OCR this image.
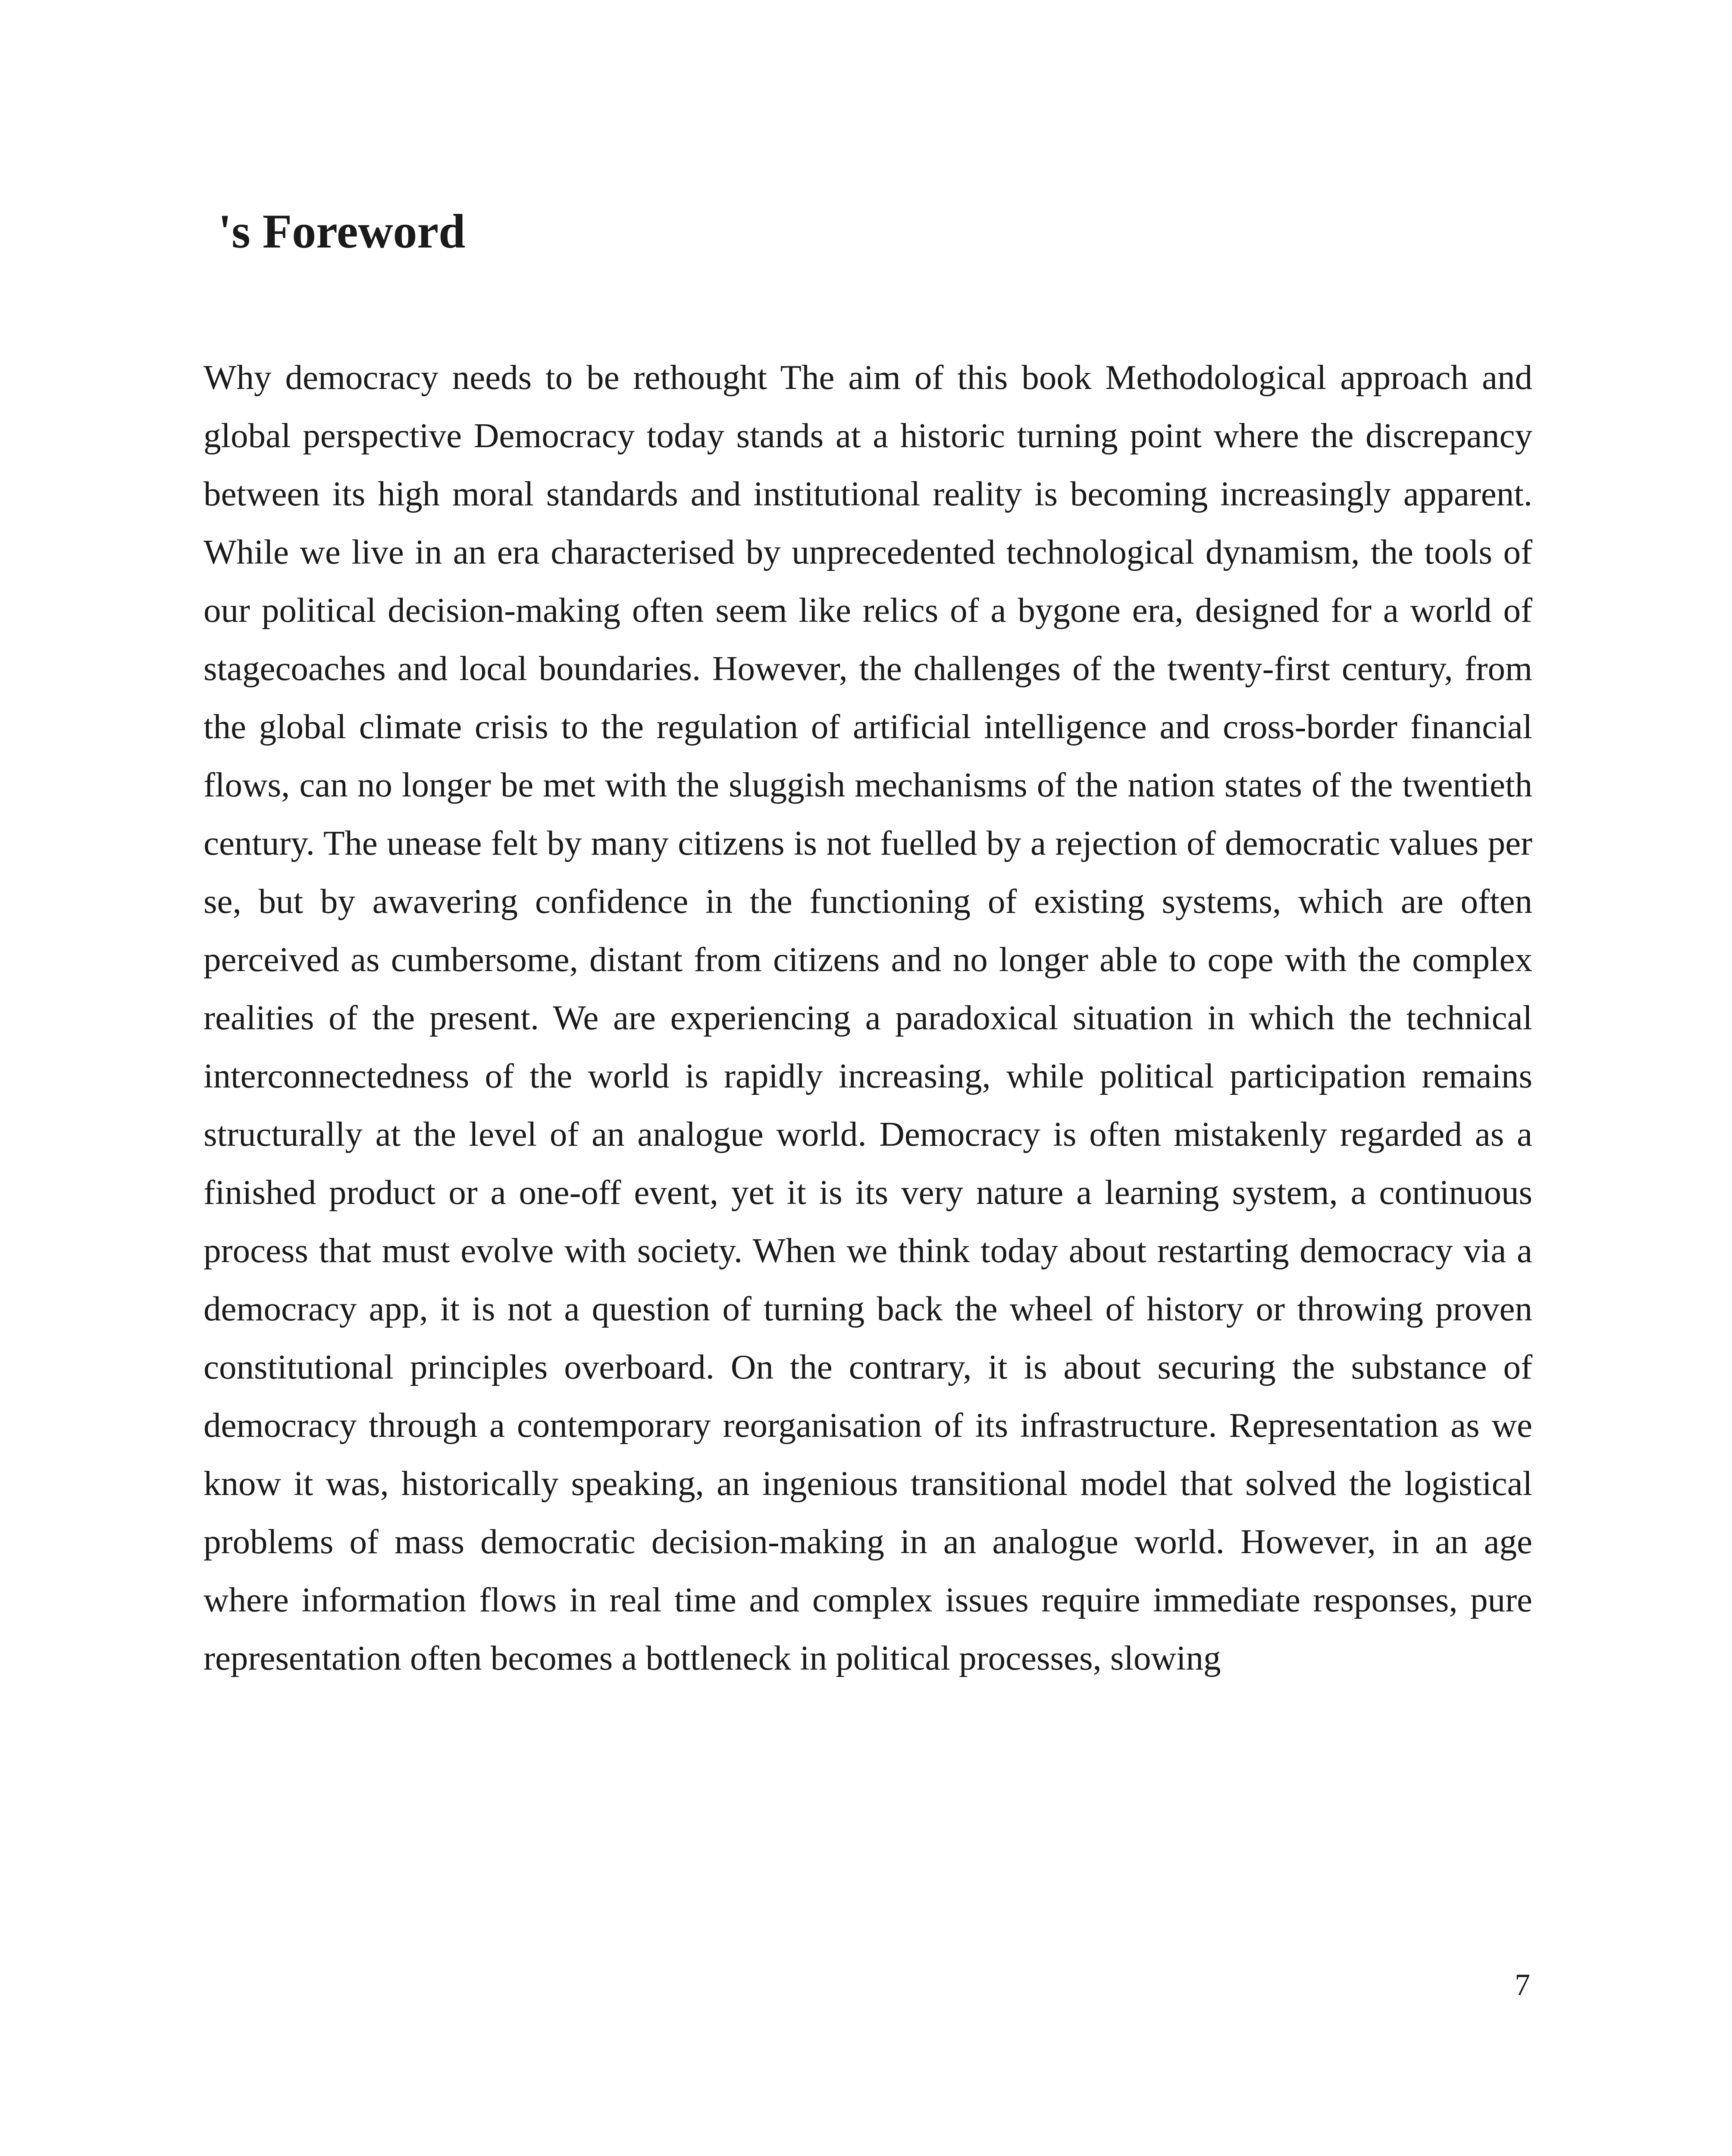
's Foreword

Why democracy needs to be rethought The aim of this book Methodological approach and global perspective Democracy today stands at a historic turning point where the discrepancy between its high moral standards and institutional reality is becoming increasingly apparent. While we live in an era characterised by unprecedented technological dynamism, the tools of our political decision-making often seem like relics of a bygone era, designed for a world of stagecoaches and local boundaries. However, the challenges of the twenty-first century, from the global climate crisis to the regulation of artificial intelligence and cross-border financial flows, can no longer be met with the sluggish mechanisms of the nation states of the twentieth century. The unease felt by many citizens is not fuelled by a rejection of democratic values per se, but by awavering confidence in the functioning of existing systems, which are often perceived as cumbersome, distant from citizens and no longer able to cope with the complex realities of the present. We are experiencing a paradoxical situation in which the technical interconnectedness of the world is rapidly increasing, while political participation remains structurally at the level of an analogue world. Democracy is often mistakenly regarded as a finished product or a one-off event, yet it is its very nature a learning system, a continuous process that must evolve with society. When we think today about restarting democracy via a democracy app, it is not a question of turning back the wheel of history or throwing proven constitutional principles overboard. On the contrary, it is about securing the substance of democracy through a contemporary reorganisation of its infrastructure. Representation as we know it was, historically speaking, an ingenious transitional model that solved the logistical problems of mass democratic decision-making in an analogue world. However, in an age where information flows in real time and complex issues require immediate responses, pure representation often becomes a bottleneck in political processes, slowing

7
